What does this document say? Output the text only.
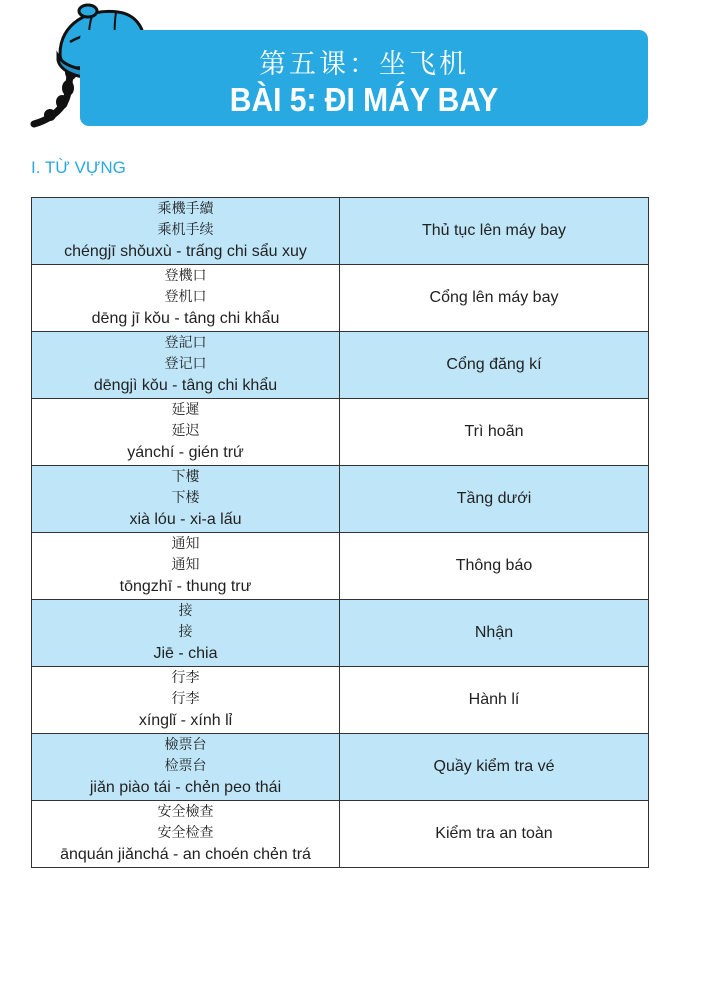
第五课：坐飞机
BÀI 5: ĐI MÁY BAY
I. TỪ VỰNG
乘機手續
乘机手续
chéngjī shǒuxù - trấng chi sẩu xuy	Thủ tục lên máy bay

登機口
登机口
dēng jī kǒu - tâng chi khẩu	Cổng lên máy bay

登記口
登记口
dēngjì kǒu - tâng chi khẩu	Cổng đăng kí

延遲
延迟
yánchí - gién trứ	Trì hoãn

下樓
下楼
xià lóu - xi-a lấu	Tầng dưới

通知
通知
tōngzhī - thung trư	Thông báo

接
接
Jiē - chia	Nhận

行李
行李
xínglǐ - xính lỉ	Hành lí

檢票台
检票台
jiǎn piào tái - chẻn peo thái	Quầy kiểm tra vé

安全檢查
安全检查
ānquán jiǎnchá - an choén chẻn trá	Kiểm tra an toàn
